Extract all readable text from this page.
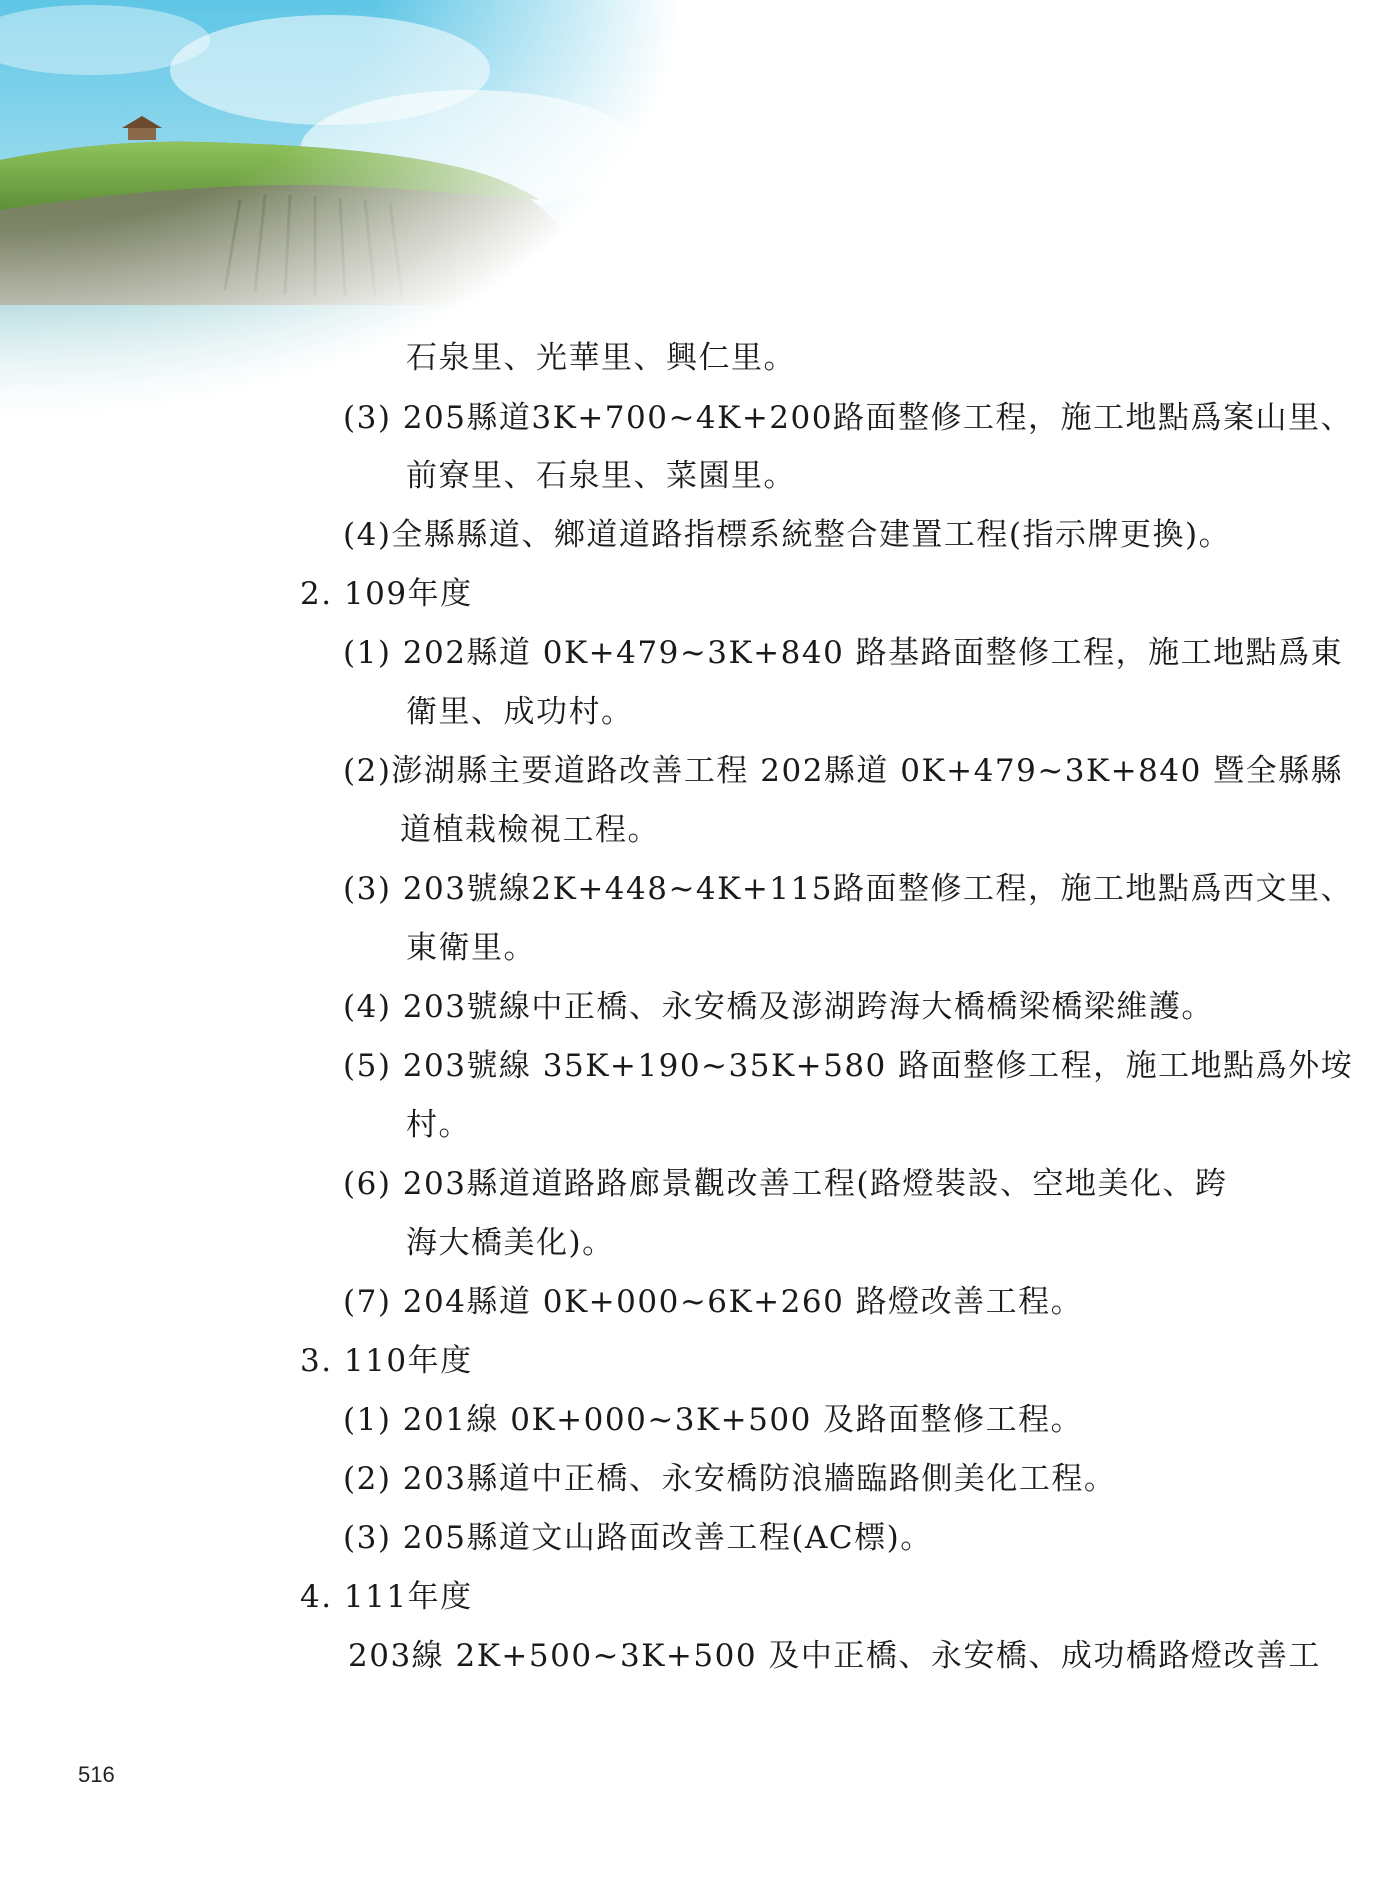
石泉里、光華里、興仁里。
(3) 205縣道3K+700~4K+200路面整修工程，施工地點爲案山里、
前寮里、石泉里、菜園里。
(4)全縣縣道、鄉道道路指標系統整合建置工程(指示牌更換)。
2. 109年度
(1) 202縣道 0K+479~3K+840 路基路面整修工程，施工地點爲東
衛里、成功村。
(2)澎湖縣主要道路改善工程 202縣道 0K+479~3K+840 暨全縣縣
道植栽檢視工程。
(3) 203號線2K+448~4K+115路面整修工程，施工地點爲西文里、
東衛里。
(4) 203號線中正橋、永安橋及澎湖跨海大橋橋梁橋梁維護。
(5) 203號線 35K+190~35K+580 路面整修工程，施工地點爲外垵
村。
(6) 203縣道道路路廊景觀改善工程(路燈裝設、空地美化、跨
海大橋美化)。
(7) 204縣道 0K+000~6K+260 路燈改善工程。
3. 110年度
(1) 201線 0K+000~3K+500 及路面整修工程。
(2) 203縣道中正橋、永安橋防浪牆臨路側美化工程。
(3) 205縣道文山路面改善工程(AC標)。
4. 111年度
203線 2K+500~3K+500 及中正橋、永安橋、成功橋路燈改善工
516
